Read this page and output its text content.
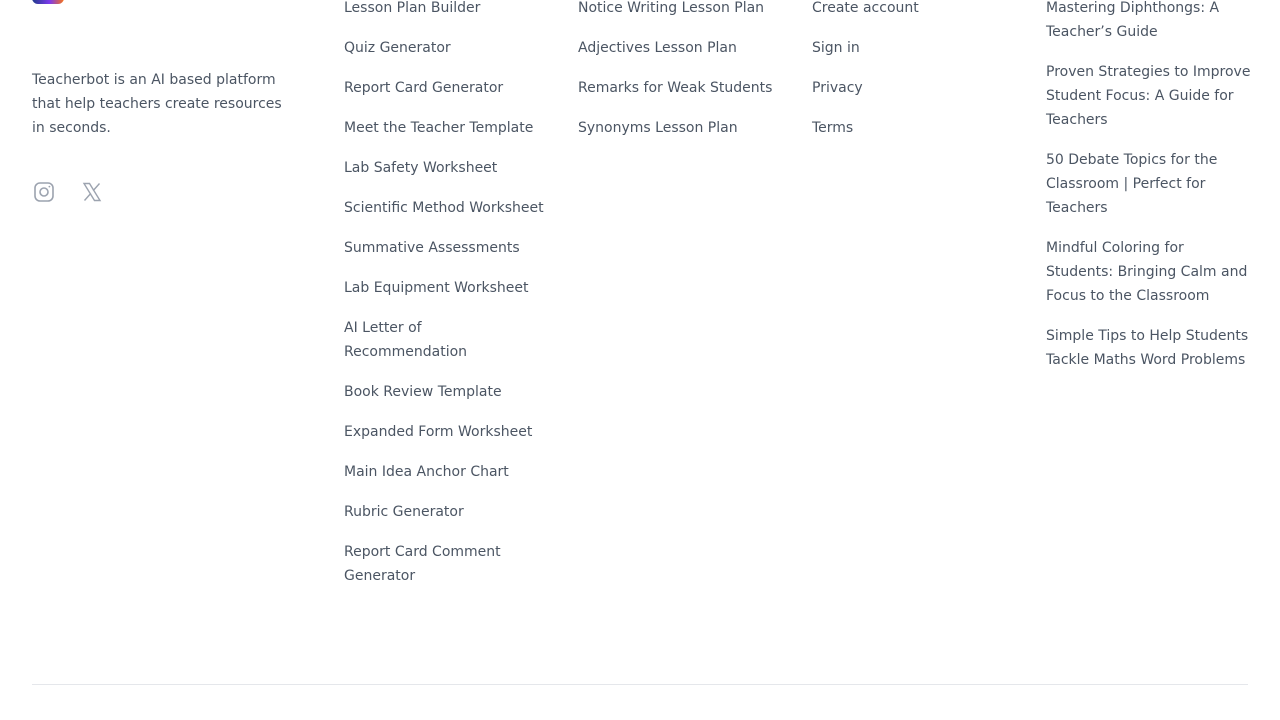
Teacherbot is an AI based platform that help teachers create resources in seconds.

Lesson Plan Builder
Quiz Generator
Report Card Generator
Meet the Teacher Template
Lab Safety Worksheet
Scientific Method Worksheet
Summative Assessments
Lab Equipment Worksheet
AI Letter of Recommendation
Book Review Template
Expanded Form Worksheet
Main Idea Anchor Chart
Rubric Generator
Report Card Comment Generator
Notice Writing Lesson Plan
Adjectives Lesson Plan
Remarks for Weak Students
Synonyms Lesson Plan
Create account
Sign in
Privacy
Terms
Mastering Diphthongs: A Teacher’s Guide
Proven Strategies to Improve Student Focus: A Guide for Teachers
50 Debate Topics for the Classroom | Perfect for Teachers
Mindful Coloring for Students: Bringing Calm and Focus to the Classroom
Simple Tips to Help Students Tackle Maths Word Problems
